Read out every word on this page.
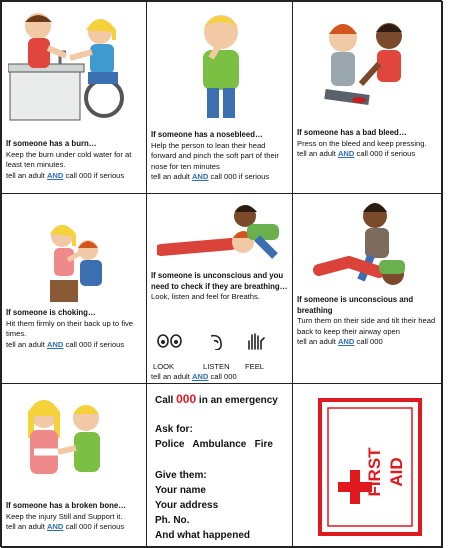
If someone has a burn…
Keep the burn under cold water for at least ten minutes.
tell an adult AND call 000 if serious
If someone has a nosebleed…
Help the person to lean their head forward and pinch the soft part of their nose for ten minutes
tell an adult AND call 000 if serious
If someone has a bad bleed…
Press on the bleed and keep pressing.
tell an adult AND call 000 if serious
If someone is choking…
Hit them firmly on their back up to five times.
tell an adult AND call 000 if serious
If someone is unconscious and you need to check if they are breathing…
Look, listen and feel for Breaths.
LOOK	LISTEN FEEL
tell an adult AND call 000
If someone is unconscious and breathing
Turn them on their side and tilt their head back to keep their airway open
tell an adult AND call 000
If someone has a broken bone…
Keep the injury Still and Support it.
tell an adult AND call 000 if serious
Call 000 in an emergency
Ask for:
Police   Ambulance   Fire
Give them:
Your name
Your address
Ph. No.
And what happened
FIRST AID
